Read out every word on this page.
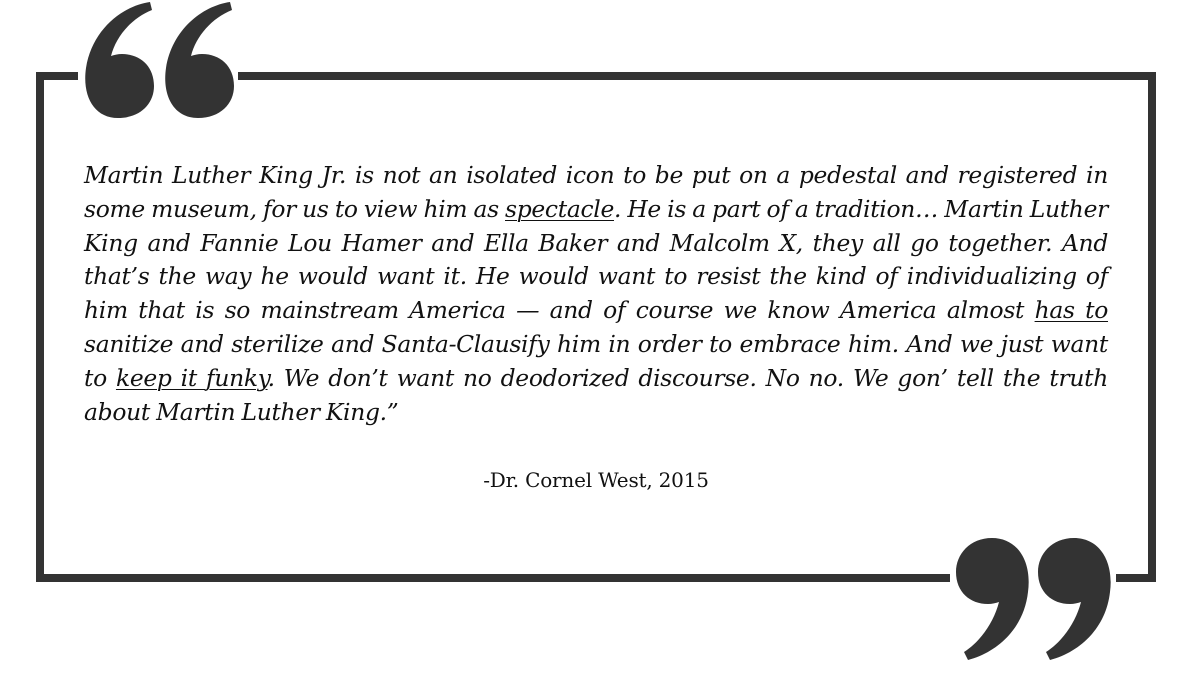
Martin Luther King Jr. is not an isolated icon to be put on a pedestal and registered in some museum, for us to view him as spectacle. He is a part of a tradition… Martin Luther King and Fannie Lou Hamer and Ella Baker and Malcolm X, they all go together. And that’s the way he would want it. He would want to resist the kind of individualizing of him that is so mainstream America — and of course we know America almost has to sanitize and sterilize and Santa-Clausify him in order to embrace him. And we just want to keep it funky. We don’t want no deodorized discourse. No no. We gon’ tell the truth about Martin Luther King.”

-Dr. Cornel West, 2015
